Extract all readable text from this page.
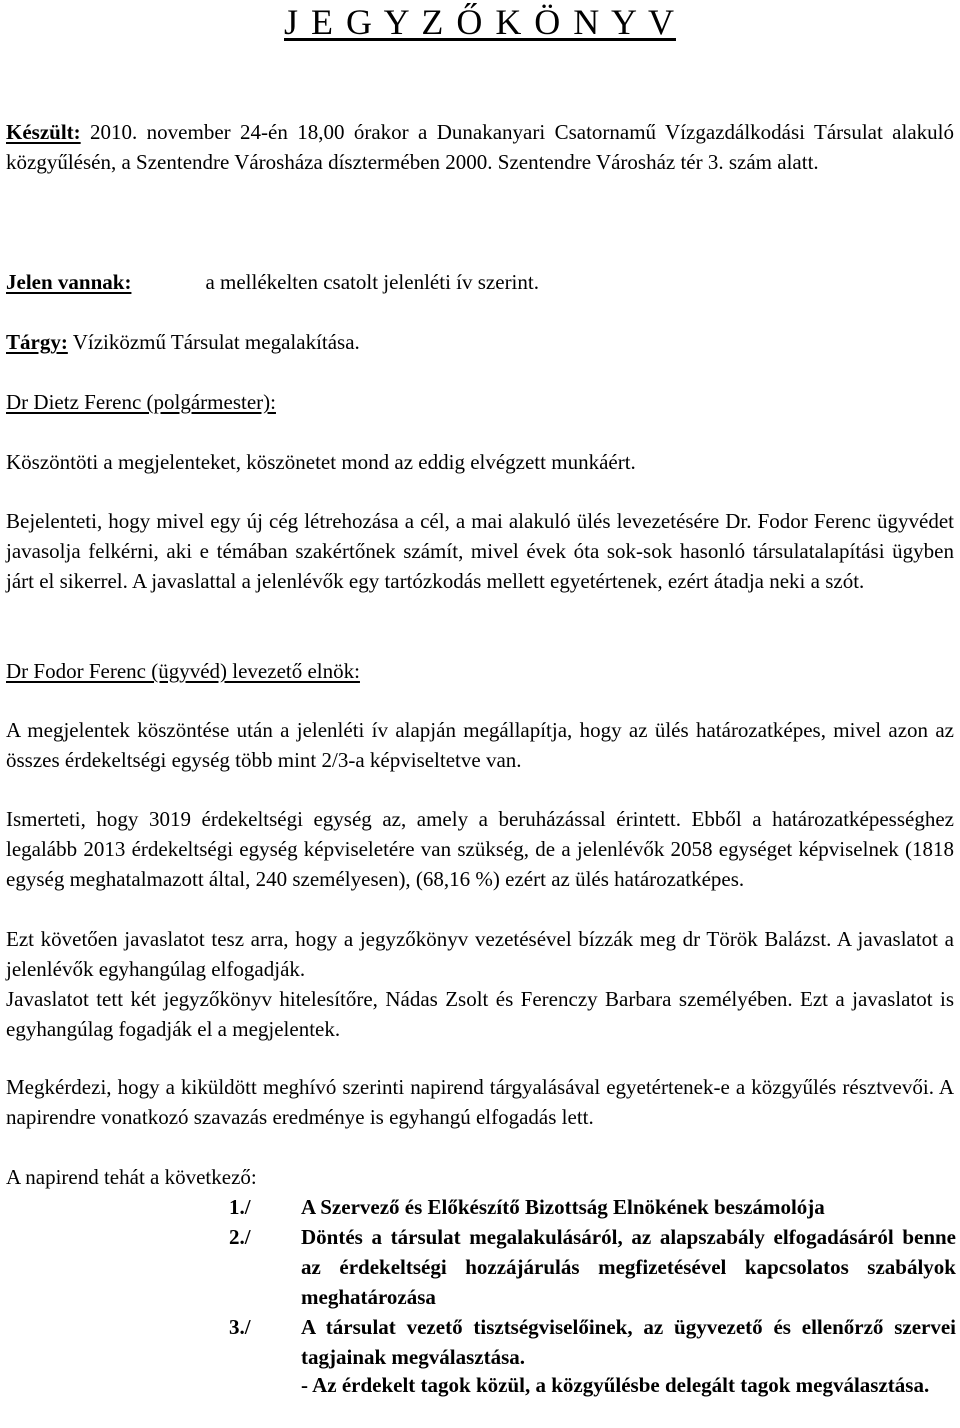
J E G Y Z Ő K Ö N Y V
Készült: 2010. november 24-én 18,00 órakor a Dunakanyari Csatornamű Vízgazdálkodási Társulat alakuló közgyűlésén, a Szentendre Városháza dísztermében 2000. Szentendre Városház tér 3. szám alatt.
Jelen vannak:	a mellékelten csatolt jelenléti ív szerint.
Tárgy: Víziközmű Társulat megalakítása.
Dr Dietz Ferenc (polgármester):
Köszöntöti a megjelenteket, köszönetet mond az eddig elvégzett munkáért.
Bejelenteti, hogy mivel egy új cég létrehozása a cél, a mai alakuló ülés levezetésére Dr. Fodor Ferenc ügyvédet javasolja felkérni, aki e témában szakértőnek számít, mivel évek óta sok-sok hasonló társulatalapítási ügyben járt el sikerrel. A javaslattal a jelenlévők egy tartózkodás mellett egyetértenek, ezért átadja neki a szót.
Dr Fodor Ferenc (ügyvéd) levezető elnök:
A megjelentek köszöntése után a jelenléti ív alapján megállapítja, hogy az ülés határozatképes, mivel azon az összes érdekeltségi egység több mint 2/3-a képviseltetve van.
Ismerteti, hogy 3019 érdekeltségi egység az, amely a beruházással érintett. Ebből a határozatképességhez legalább 2013 érdekeltségi egység képviseletére van szükség, de a jelenlévők 2058 egységet képviselnek (1818 egység meghatalmazott által, 240 személyesen), (68,16 %) ezért az ülés határozatképes.
Ezt követően javaslatot tesz arra, hogy a jegyzőkönyv vezetésével bízzák meg dr Török Balázst. A javaslatot a jelenlévők egyhangúlag elfogadják.
Javaslatot tett két jegyzőkönyv hitelesítőre, Nádas Zsolt és Ferenczy Barbara személyében. Ezt a javaslatot is egyhangúlag fogadják el a megjelentek.
Megkérdezi, hogy a kiküldött meghívó szerinti napirend tárgyalásával egyetértenek-e a közgyűlés résztvevői. A napirendre vonatkozó szavazás eredménye is egyhangú elfogadás lett.
A napirend tehát a következő:
1./ A Szervező és Előkészítő Bizottság Elnökének beszámolója
2./ Döntés a társulat megalakulásáról, az alapszabály elfogadásáról benne az érdekeltségi hozzájárulás megfizetésével kapcsolatos szabályok meghatározása
3./ A társulat vezető tisztségviselőinek, az ügyvezető és ellenőrző szervei tagjainak megválasztása.
- Az érdekelt tagok közül, a közgyűlésbe delegált tagok megválasztása.
